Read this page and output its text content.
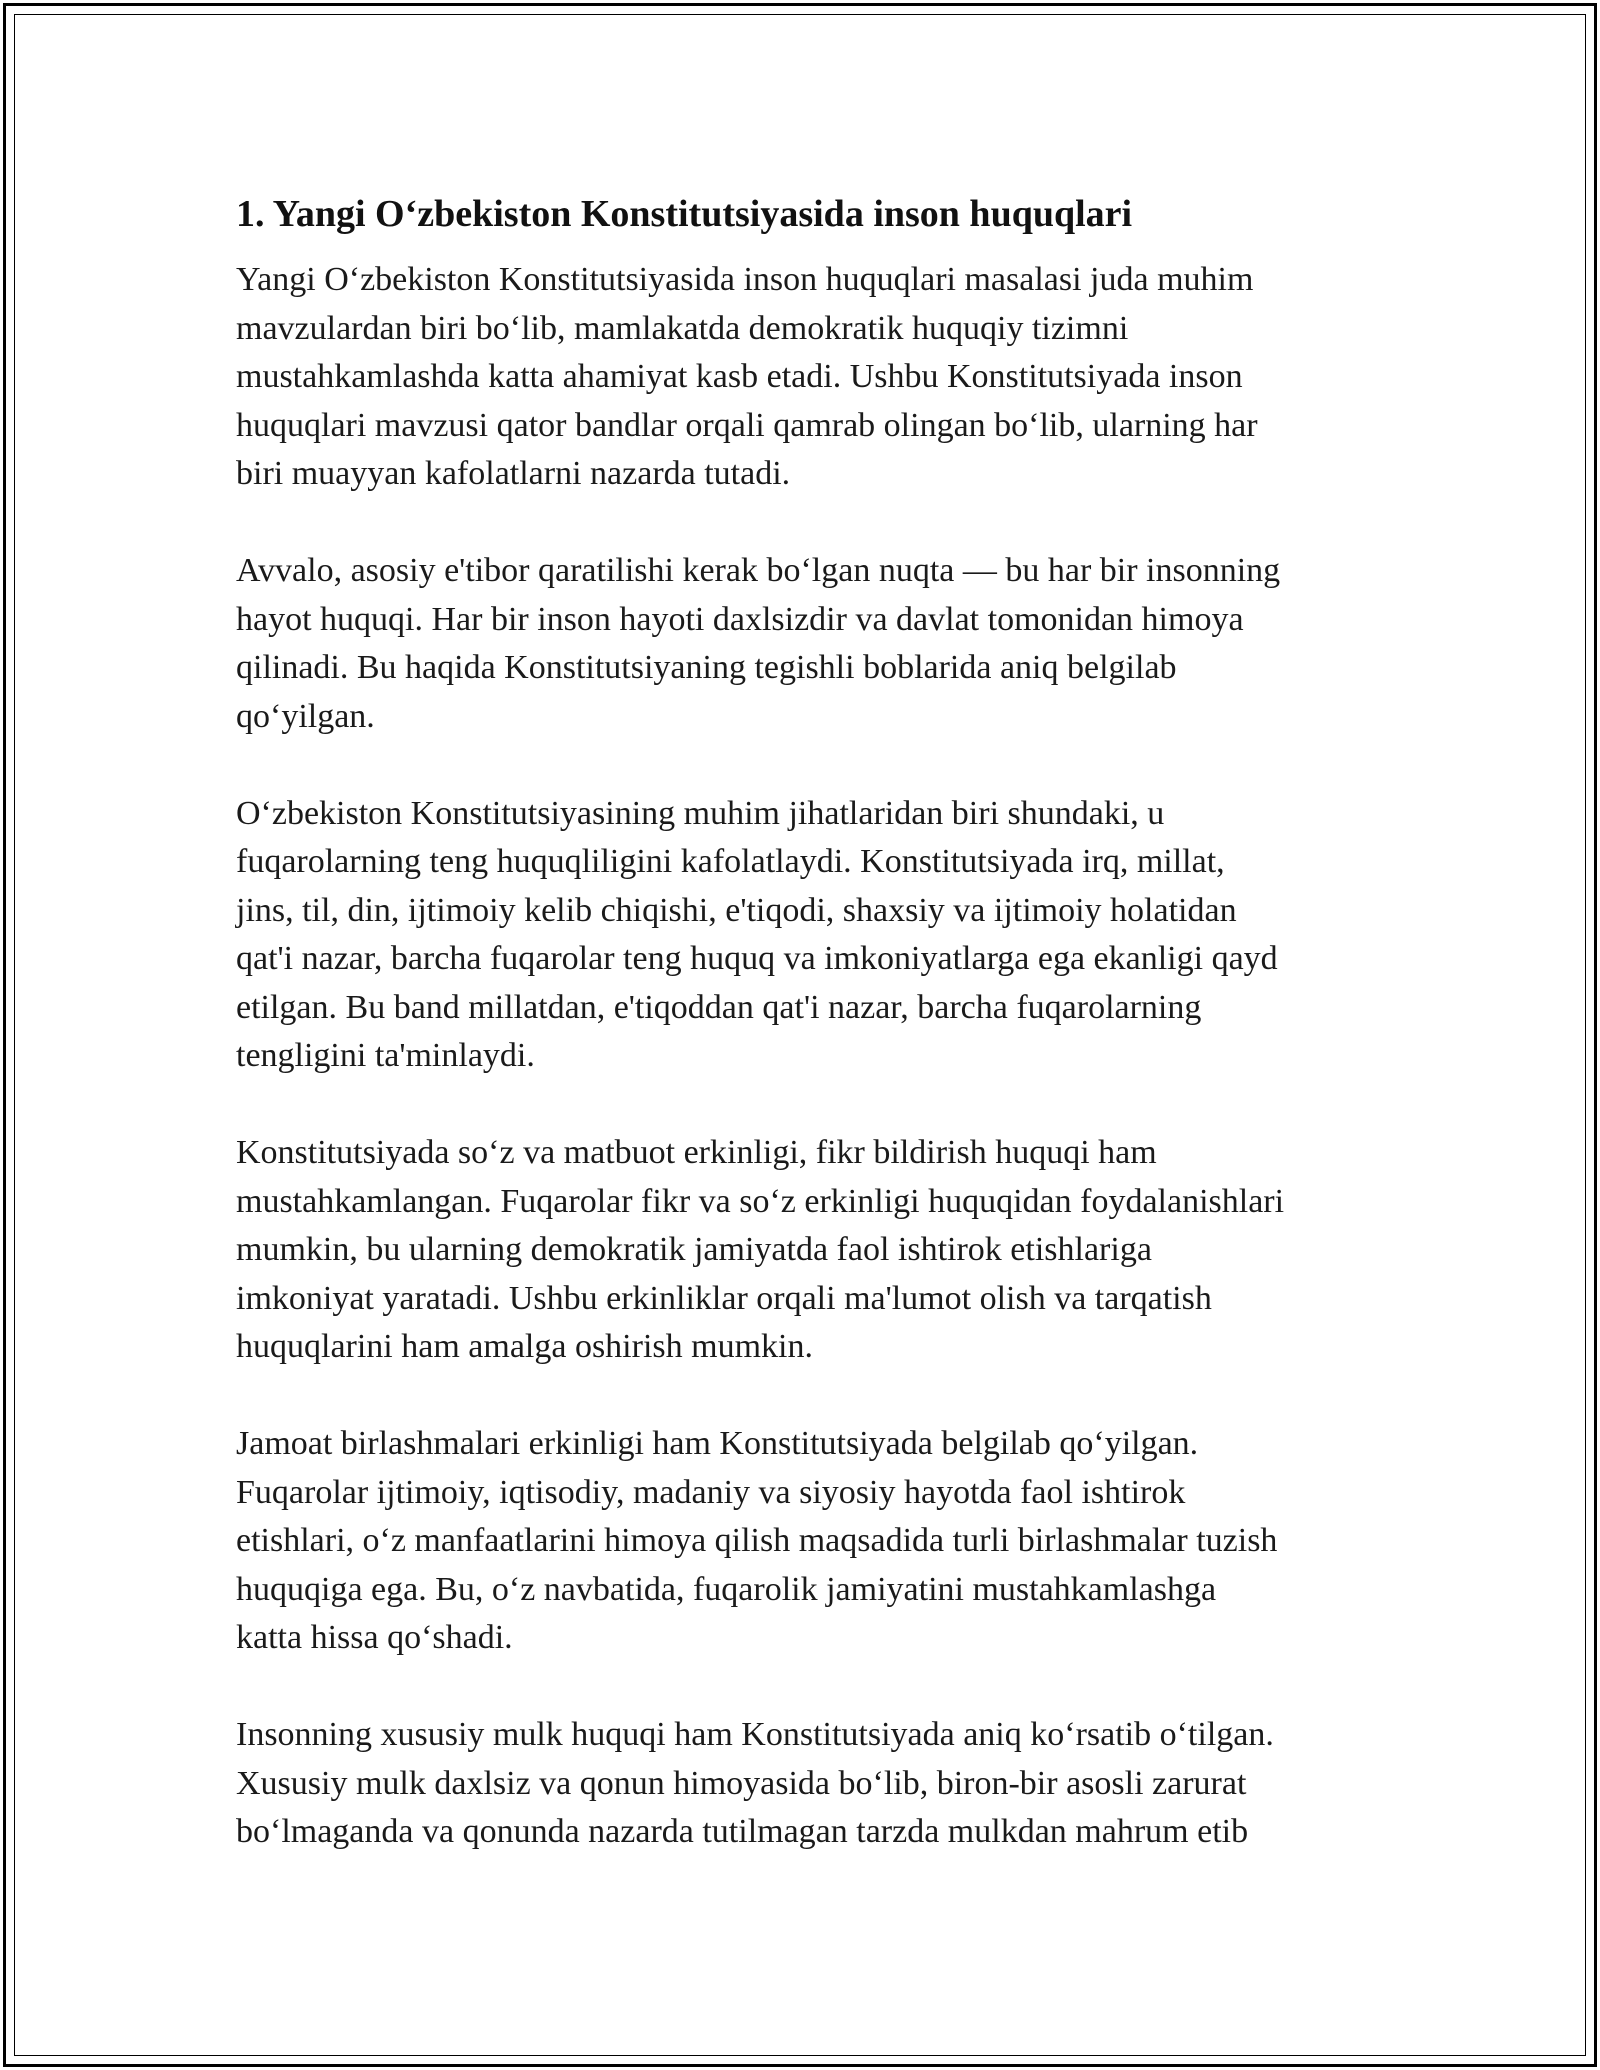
1. Yangi O‘zbekiston Konstitutsiyasida inson huquqlari

Yangi O‘zbekiston Konstitutsiyasida inson huquqlari masalasi juda muhim
mavzulardan biri bo‘lib, mamlakatda demokratik huquqiy tizimni
mustahkamlashda katta ahamiyat kasb etadi. Ushbu Konstitutsiyada inson
huquqlari mavzusi qator bandlar orqali qamrab olingan bo‘lib, ularning har
biri muayyan kafolatlarni nazarda tutadi.

Avvalo, asosiy e'tibor qaratilishi kerak bo‘lgan nuqta — bu har bir insonning
hayot huquqi. Har bir inson hayoti daxlsizdir va davlat tomonidan himoya
qilinadi. Bu haqida Konstitutsiyaning tegishli boblarida aniq belgilab
qo‘yilgan.

O‘zbekiston Konstitutsiyasining muhim jihatlaridan biri shundaki, u
fuqarolarning teng huquqliligini kafolatlaydi. Konstitutsiyada irq, millat,
jins, til, din, ijtimoiy kelib chiqishi, e'tiqodi, shaxsiy va ijtimoiy holatidan
qat'i nazar, barcha fuqarolar teng huquq va imkoniyatlarga ega ekanligi qayd
etilgan. Bu band millatdan, e'tiqoddan qat'i nazar, barcha fuqarolarning
tengligini ta'minlaydi.

Konstitutsiyada so‘z va matbuot erkinligi, fikr bildirish huquqi ham
mustahkamlangan. Fuqarolar fikr va so‘z erkinligi huquqidan foydalanishlari
mumkin, bu ularning demokratik jamiyatda faol ishtirok etishlariga
imkoniyat yaratadi. Ushbu erkinliklar orqali ma'lumot olish va tarqatish
huquqlarini ham amalga oshirish mumkin.

Jamoat birlashmalari erkinligi ham Konstitutsiyada belgilab qo‘yilgan.
Fuqarolar ijtimoiy, iqtisodiy, madaniy va siyosiy hayotda faol ishtirok
etishlari, o‘z manfaatlarini himoya qilish maqsadida turli birlashmalar tuzish
huquqiga ega. Bu, o‘z navbatida, fuqarolik jamiyatini mustahkamlashga
katta hissa qo‘shadi.

Insonning xususiy mulk huquqi ham Konstitutsiyada aniq ko‘rsatib o‘tilgan.
Xususiy mulk daxlsiz va qonun himoyasida bo‘lib, biron-bir asosli zarurat
bo‘lmaganda va qonunda nazarda tutilmagan tarzda mulkdan mahrum etib
